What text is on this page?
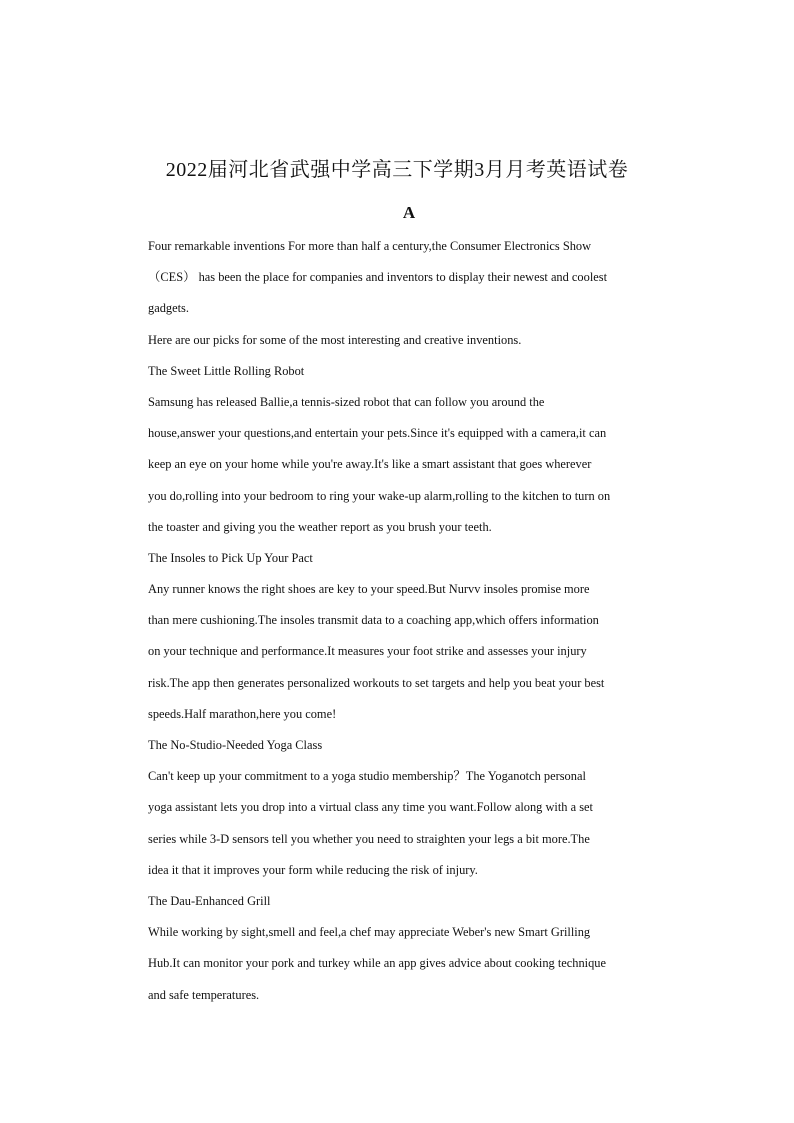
2022届河北省武强中学高三下学期3月月考英语试卷
A
Four remarkable inventions For more than half a century,the Consumer Electronics Show
（CES） has been the place for companies and inventors to display their newest and coolest
gadgets.
Here are our picks for some of the most interesting and creative inventions.
The Sweet Little Rolling Robot
Samsung has released Ballie,a tennis-sized robot that can follow you around the
house,answer your questions,and entertain your pets.Since it's equipped with a camera,it can
keep an eye on your home while you're away.It's like a smart assistant that goes wherever
you do,rolling into your bedroom to ring your wake-up alarm,rolling to the kitchen to turn on
the toaster and giving you the weather report as you brush your teeth.
The Insoles to Pick Up Your Pact
Any runner knows the right shoes are key to your speed.But Nurvv insoles promise more
than mere cushioning.The insoles transmit data to a coaching app,which offers information
on your technique and performance.It measures your foot strike and assesses your injury
risk.The app then generates personalized workouts to set targets and help you beat your best
speeds.Half marathon,here you come!
The No-Studio-Needed Yoga Class
Can't keep up your commitment to a yoga studio membership？The Yoganotch personal
yoga assistant lets you drop into a virtual class any time you want.Follow along with a set
series while 3-D sensors tell you whether you need to straighten your legs a bit more.The
idea it that it improves your form while reducing the risk of injury.
The Dau-Enhanced Grill
While working by sight,smell and feel,a chef may appreciate Weber's new Smart Grilling
Hub.It can monitor your pork and turkey while an app gives advice about cooking technique
and safe temperatures.
